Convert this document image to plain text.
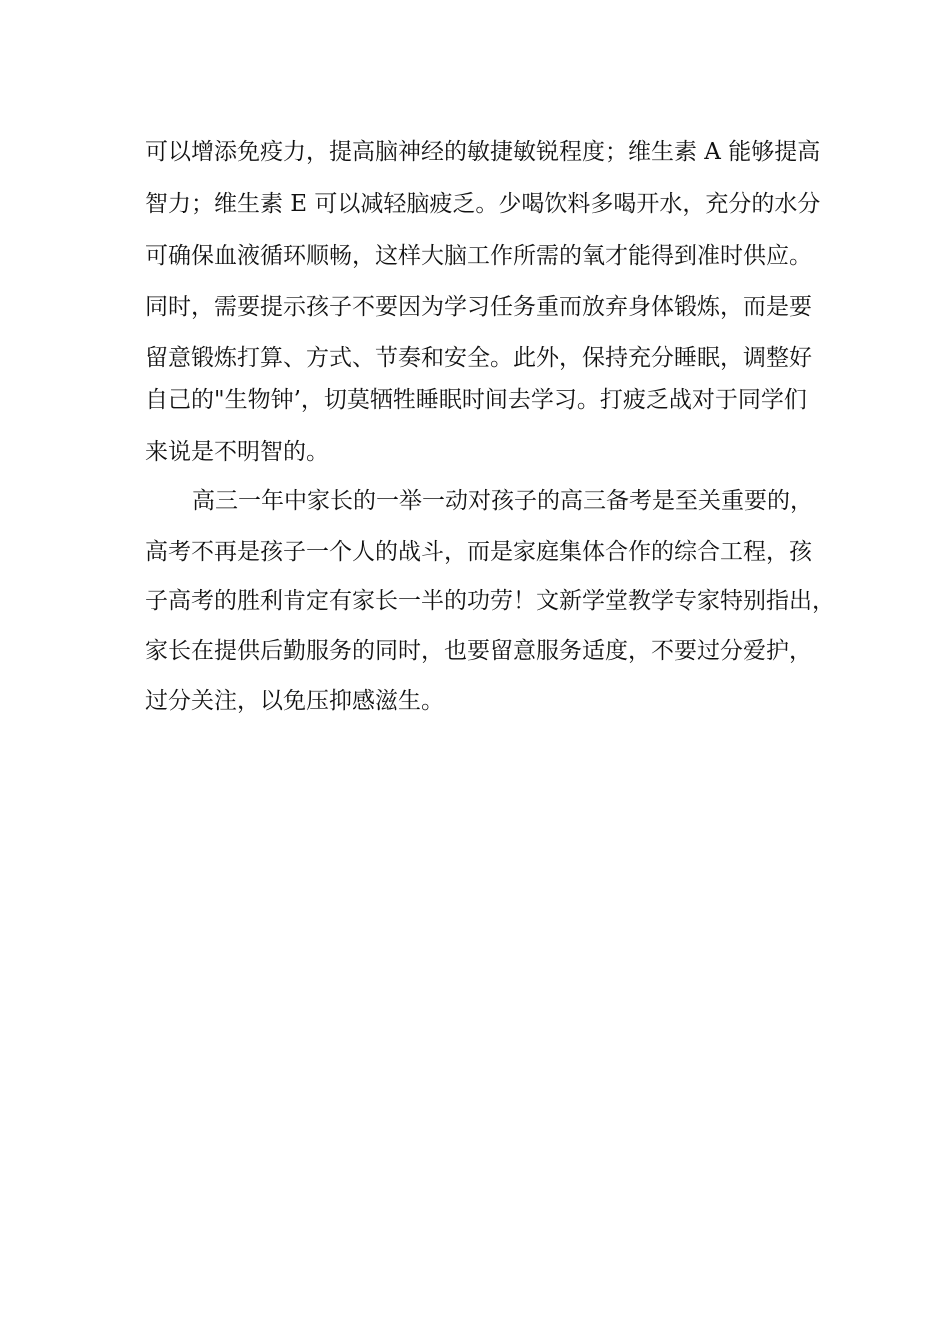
可以增添免疫力，提高脑神经的敏捷敏锐程度；维生素 A 能够提高
智力；维生素 E 可以减轻脑疲乏。少喝饮料多喝开水，充分的水分
可确保血液循环顺畅，这样大脑工作所需的氧才能得到准时供应。
同时，需要提示孩子不要因为学习任务重而放弃身体锻炼，而是要
留意锻炼打算、方式、节奏和安全。此外，保持充分睡眠，调整好
自己的"生物钟’，切莫牺牲睡眠时间去学习。打疲乏战对于同学们
来说是不明智的。
高三一年中家长的一举一动对孩子的高三备考是至关重要的，
高考不再是孩子一个人的战斗，而是家庭集体合作的综合工程，孩
子高考的胜利肯定有家长一半的功劳！文新学堂教学专家特别指出，
家长在提供后勤服务的同时，也要留意服务适度，不要过分爱护，
过分关注，以免压抑感滋生。
